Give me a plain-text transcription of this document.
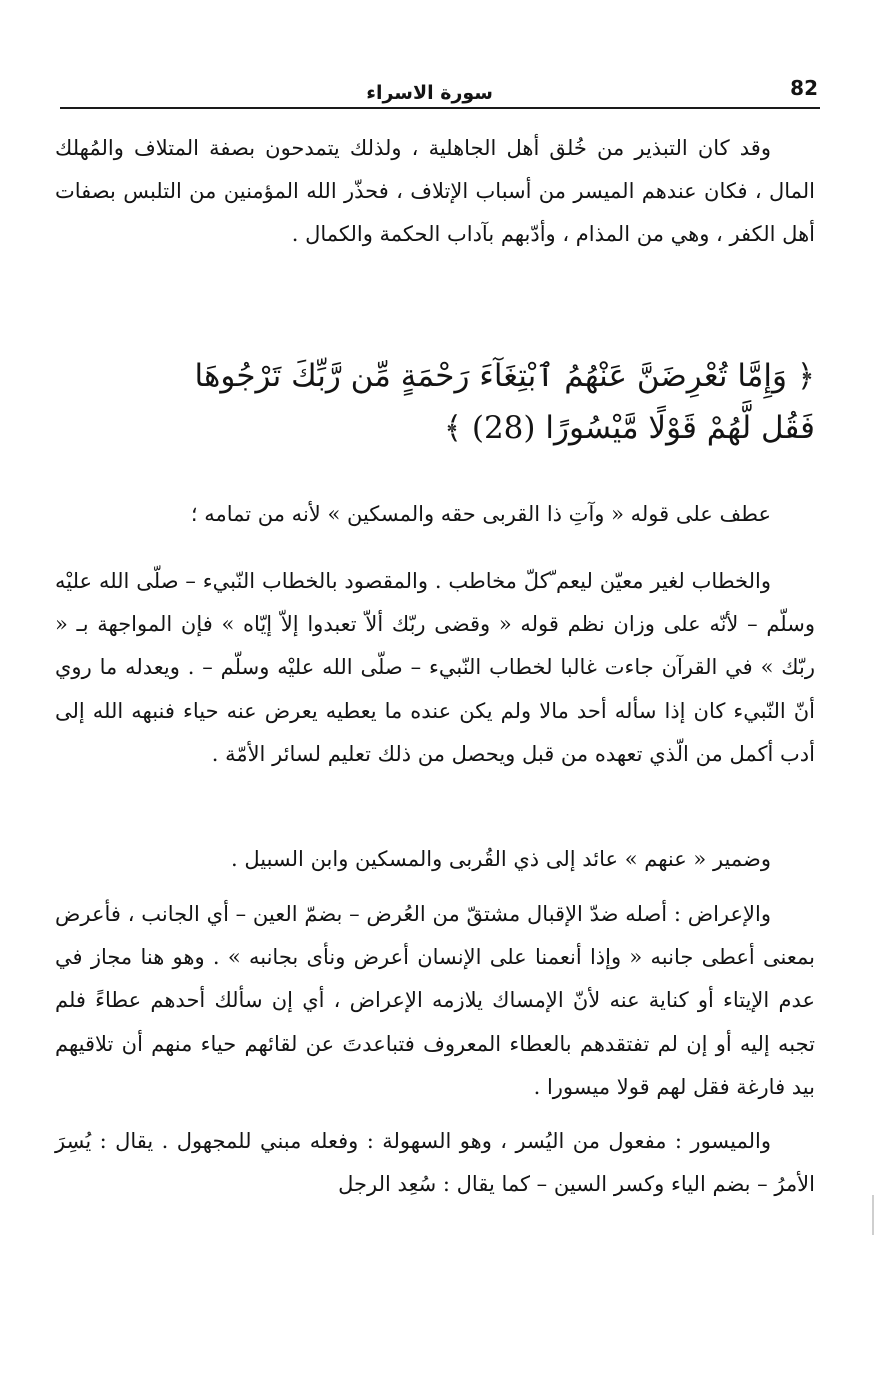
82
سورة الاسراء

وقد كان التبذير من خُلق أهل الجاهلية ، ولذلك يتمدحون بصفة المتلاف والمُهلك المال ، فكان عندهم الميسر من أسباب الإتلاف ، فحذّر الله المؤمنين من التلبس بصفات أهل الكفر ، وهي من المذام ، وأدّبهم بآداب الحكمة والكمال .

﴿ وَإِمَّا تُعْرِضَنَّ عَنْهُمُ ٱبْتِغَآءَ رَحْمَةٍ مِّن رَّبِّكَ تَرْجُوهَا

فَقُل لَّهُمْ قَوْلًا مَّيْسُورًا (28) ﴾

عطف على قوله « وآتِ ذا القربى حقه والمسكين » لأنه من تمامه ؛

والخطاب لغير معيّن ليعم ّكلّ مخاطب . والمقصود بالخطاب النّبيء – صلّى الله عليْه وسلّم – لأنّه على وزان نظم قوله « وقضى ربّك ألاّ تعبدوا إلاّ إيّاه » فإن المواجهة بـ « ربّك » في القرآن جاءت غالبا لخطاب النّبيء – صلّى الله عليْه وسلّم – . ويعدله ما روي أنّ النّبيء كان إذا سأله أحد مالا ولم يكن عنده ما يعطيه يعرض عنه حياء فنبهه الله إلى أدب أكمل من الّذي تعهده من قبل ويحصل من ذلك تعليم لسائر الأمّة .

وضمير « عنهم » عائد إلى ذي القُربى والمسكين وابن السبيل .

والإعراض : أصله ضدّ الإقبال مشتقّ من العُرض – بضمّ العين – أي الجانب ، فأعرض بمعنى أعطى جانبه « وإذا أنعمنا على الإنسان أعرض ونأى بجانبه » . وهو هنا مجاز في عدم الإيتاء أو كناية عنه لأنّ الإمساك يلازمه الإعراض ، أي إن سألك أحدهم عطاءً فلم تجبه إليه أو إن لم تفتقدهم بالعطاء المعروف فتباعدتَ عن لقائهم حياء منهم أن تلاقيهم بيد فارغة فقل لهم قولا ميسورا .

والميسور : مفعول من اليُسر ، وهو السهولة : وفعله مبني للمجهول . يقال : يُسِرَ الأمرُ – بضم الياء وكسر السين – كما يقال : سُعِد الرجل
